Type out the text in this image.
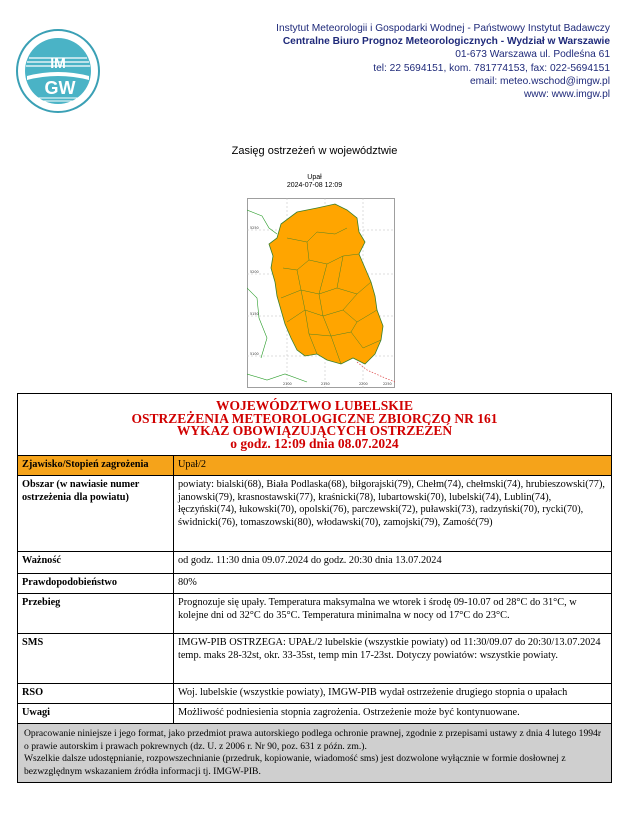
IM
GW
Instytut Meteorologii i Gospodarki Wodnej - Państwowy Instytut Badawczy
Centralne Biuro Prognoz Meteorologicznych - Wydział w Warszawie
01-673 Warszawa ul. Podleśna 61
tel: 22 5694151, kom. 781774153, fax: 022-5694151
email: meteo.wschod@imgw.pl
www: www.imgw.pl
Zasięg ostrzeżeń w województwie
Upał
2024-07-08 12:09
5250
5200
5150
5100
2100	2150	2200	2250
WOJEWÓDZTWO LUBELSKIE
OSTRZEŻENIA METEOROLOGICZNE ZBIORCZO NR 161
WYKAZ OBOWIĄZUJĄCYCH OSTRZEŻEŃ
o godz. 12:09 dnia 08.07.2024	

Zjawisko/Stopień zagrożenia	Upał/2
Obszar (w nawiasie numer ostrzeżenia dla powiatu)	powiaty: bialski(68), Biała Podlaska(68), biłgorajski(79), Chełm(74), chełmski(74), hrubieszowski(77), janowski(79), krasnostawski(77), kraśnicki(78), lubartowski(70), lubelski(74), Lublin(74), łęczyński(74), łukowski(70), opolski(76), parczewski(72), puławski(73), radzyński(70), rycki(70), świdnicki(76), tomaszowski(80), włodawski(70), zamojski(79), Zamość(79)
Ważność	od godz. 11:30 dnia 09.07.2024 do godz. 20:30 dnia 13.07.2024
Prawdopodobieństwo	80%
Przebieg	Prognozuje się upały. Temperatura maksymalna we wtorek i środę 09-10.07 od 28°C do 31°C, w kolejne dni od 32°C do 35°C. Temperatura minimalna w nocy od 17°C do 23°C.
SMS	IMGW-PIB OSTRZEGA: UPAŁ/2 lubelskie (wszystkie powiaty) od 11:30/09.07 do 20:30/13.07.2024 temp. maks 28-32st, okr. 33-35st, temp min 17-23st. Dotyczy powiatów: wszystkie powiaty.
RSO	Woj. lubelskie (wszystkie powiaty), IMGW-PIB wydał ostrzeżenie drugiego stopnia o upałach
Uwagi	Możliwość podniesienia stopnia zagrożenia. Ostrzeżenie może być kontynuowane.

Opracowanie niniejsze i jego format, jako przedmiot prawa autorskiego podlega ochronie prawnej, zgodnie z przepisami ustawy z dnia 4 lutego 1994r o prawie autorskim i prawach pokrewnych (dz. U. z 2006 r. Nr 90, poz. 631 z późn. zm.).
Wszelkie dalsze udostępnianie, rozpowszechnianie (przedruk, kopiowanie, wiadomość sms) jest dozwolone wyłącznie w formie dosłownej z bezwzględnym wskazaniem źródła informacji tj. IMGW-PIB.	
